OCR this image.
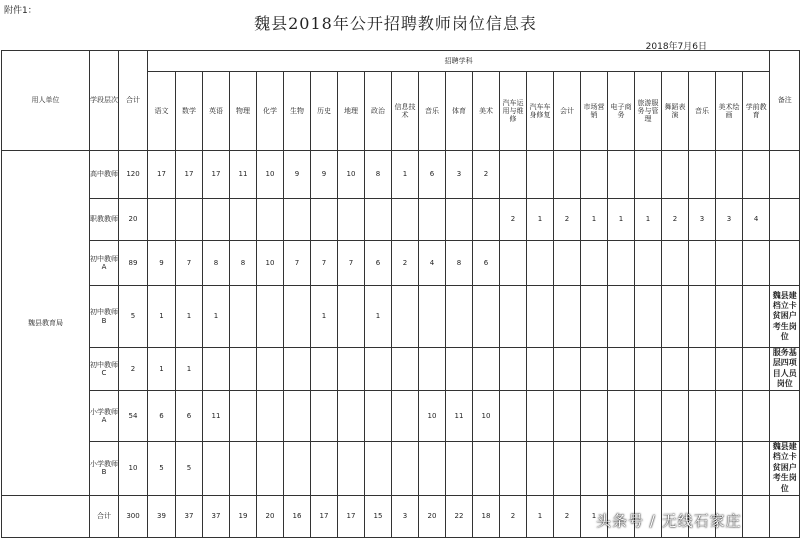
附件1：
魏县2018年公开招聘教师岗位信息表
2018年7月6日
用人单位	学段层次	合计	招聘学科																							备注

			语文	数学	英语	物理	化学	生物	历史	地理	政治	信息技术	音乐	体育	美术	汽车运用与维修	汽车车身修复	会计	市场营销	电子商务	旅游服务与管理	舞蹈表演	音乐	美术绘画	学前教育	

魏县教育局	高中教师	120	17	17	17	11	10	9	9	10	8	1	6	3	2											

	职教教师	20														2	1	2	1	1	1	2	3	3	4	

	初中教师A	89	9	7	8	8	10	7	7	7	6	2	4	8	6											

	初中教师B	5	1	1	1				1		1															魏县建档立卡贫困户考生岗位

	初中教师C	2	1	1																						服务基层四项目人员岗位

	小学教师A	54	6	6	11								10	11	10											

	小学教师B	10	5	5																						魏县建档立卡贫困户考生岗位

	合计	300	39	37	37	19	20	16	17	17	15	3	20	22	18	2	1	2	1							头条号 / 无线石家庄
